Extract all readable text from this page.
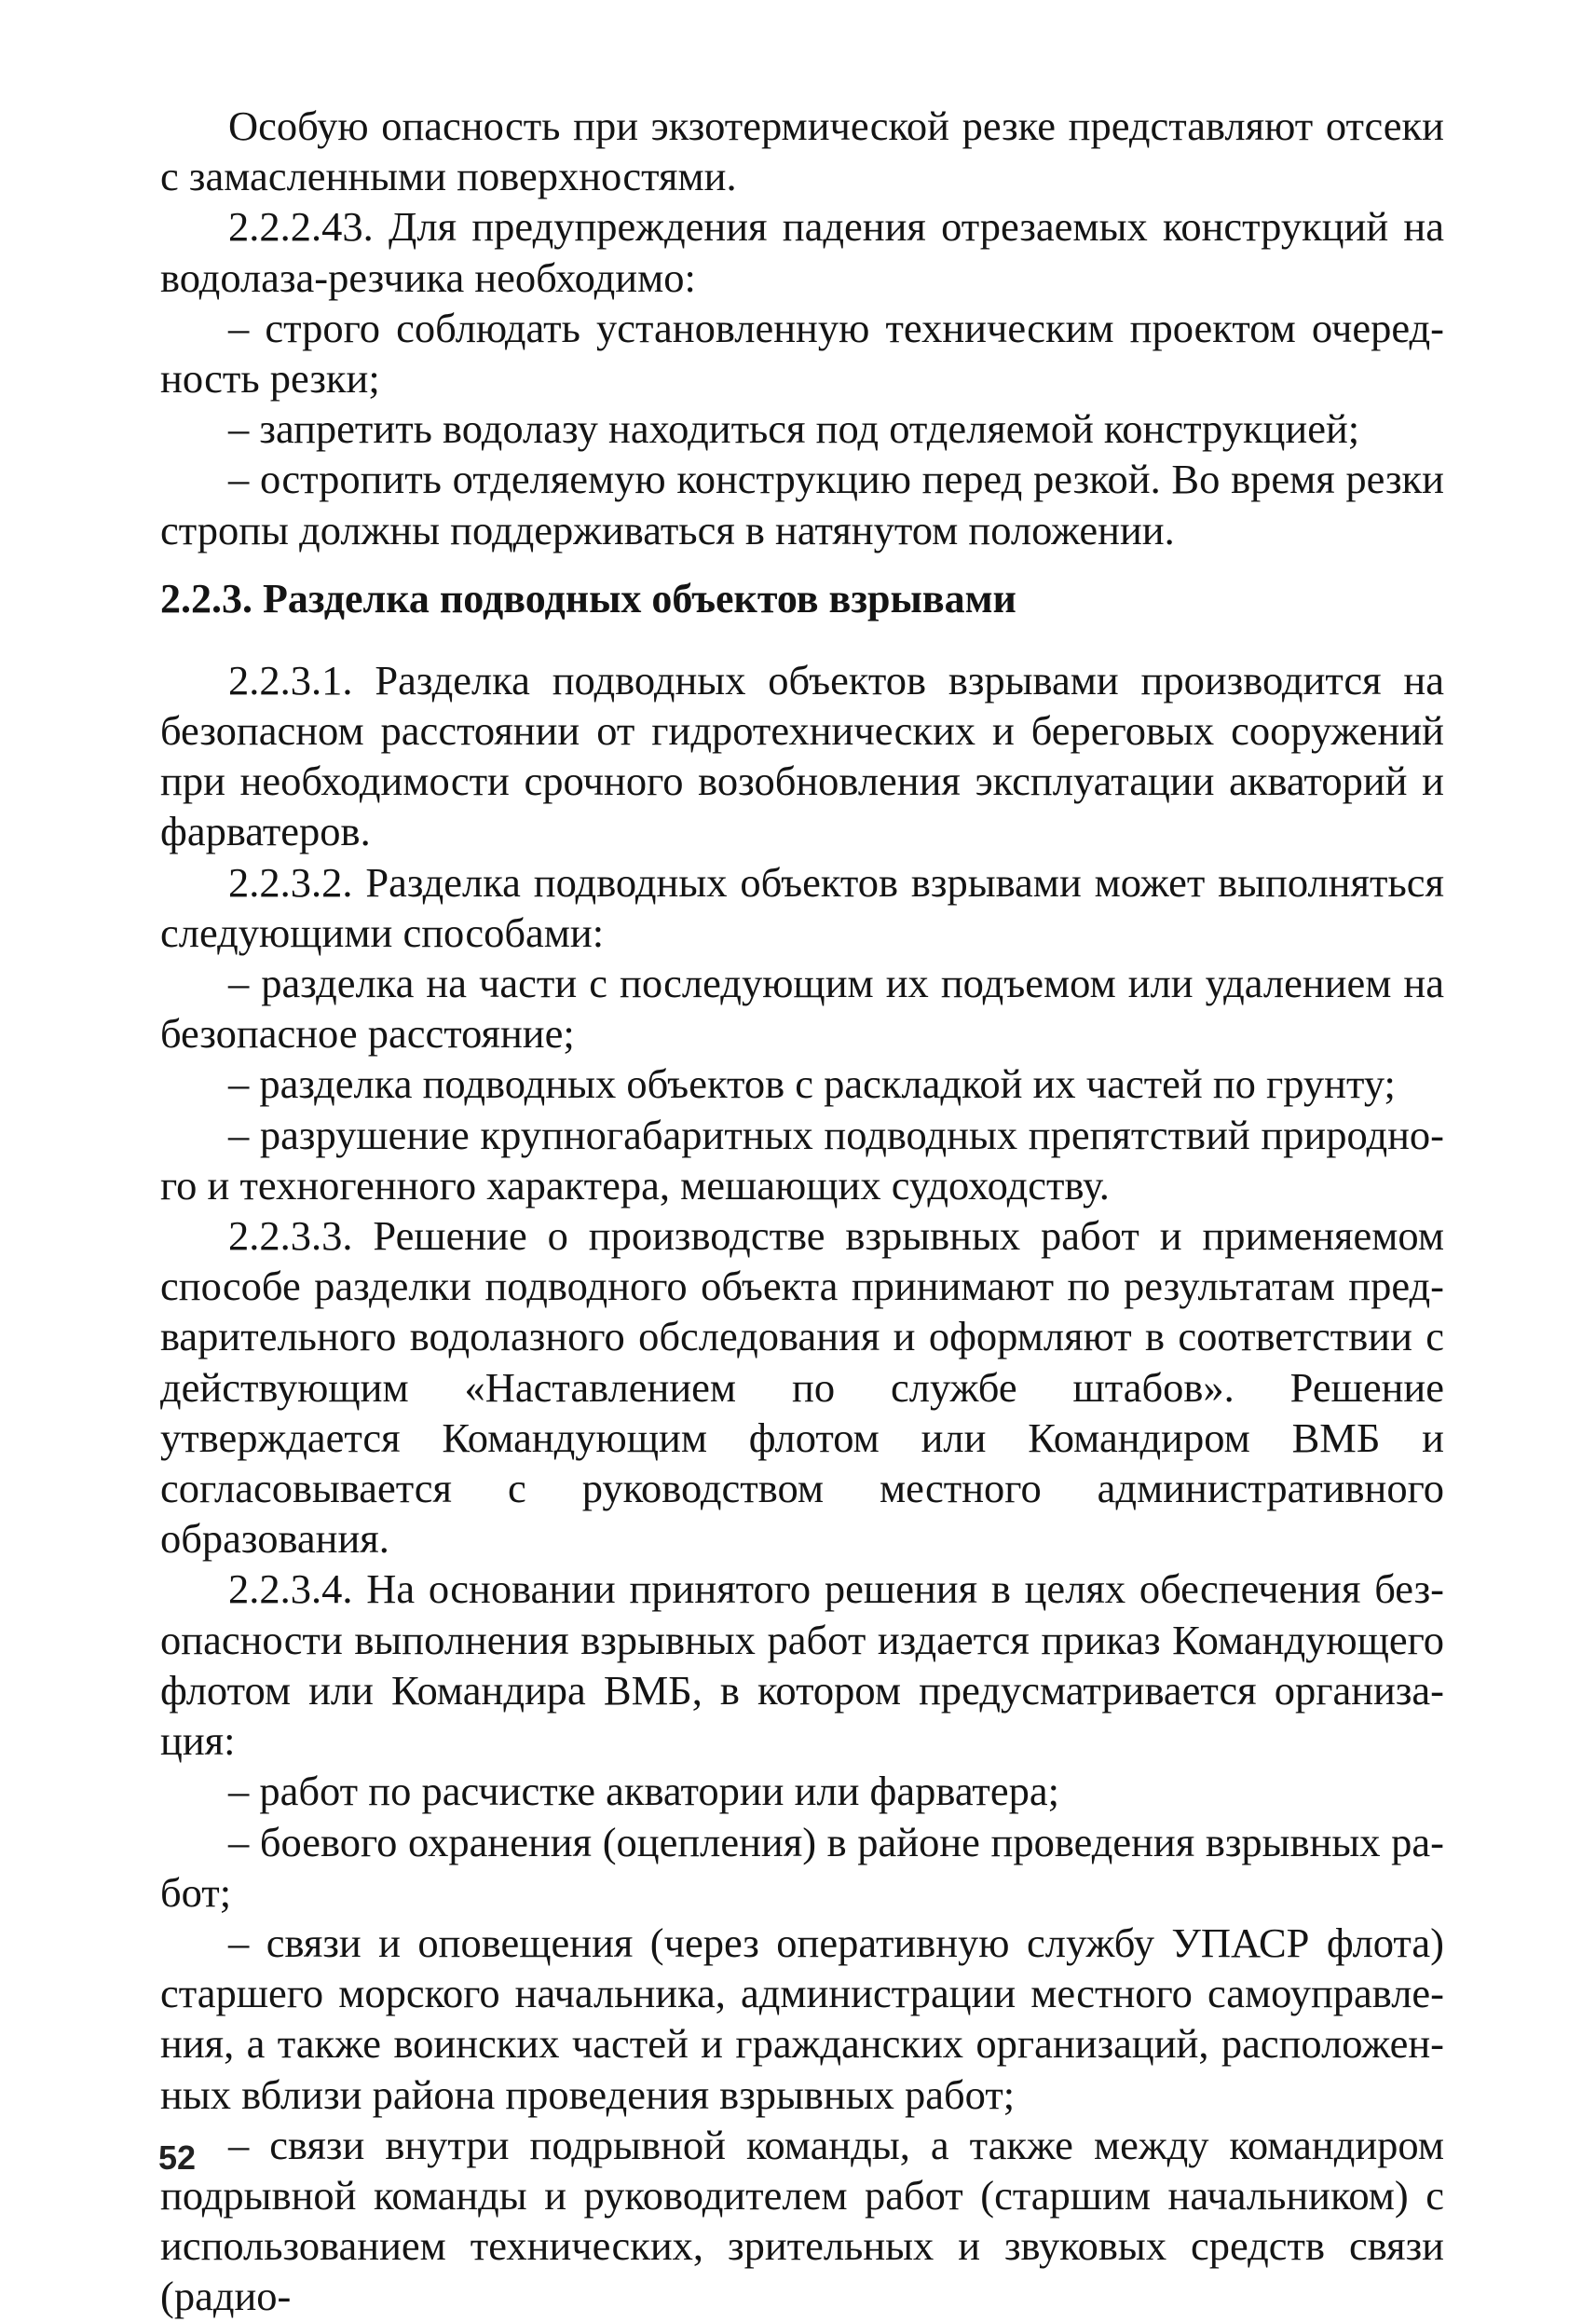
Особую опасность при экзотермической резке представляют отсеки с замасленными поверхностями.

2.2.2.43. Для предупреждения падения отрезаемых конструкций на водолаза-резчика необходимо:

– строго соблюдать установленную техническим проектом очередность резки;

– запретить водолазу находиться под отделяемой конструкцией;

– остропить отделяемую конструкцию перед резкой. Во время резки стропы должны поддерживаться в натянутом положении.

2.2.3. Разделка подводных объектов взрывами

2.2.3.1. Разделка подводных объектов взрывами производится на безопасном расстоянии от гидротехнических и береговых сооружений при необходимости срочного возобновления эксплуатации акваторий и фарватеров.

2.2.3.2. Разделка подводных объектов взрывами может выполняться следующими способами:

– разделка на части с последующим их подъемом или удалением на безопасное расстояние;

– разделка подводных объектов с раскладкой их частей по грунту;

– разрушение крупногабаритных подводных препятствий природного и техногенного характера, мешающих судоходству.

2.2.3.3. Решение о производстве взрывных работ и применяемом способе разделки подводного объекта принимают по результатам предварительного водолазного обследования и оформляют в соответствии с действующим «Наставлением по службе штабов». Решение утверждается Командующим флотом или Командиром ВМБ и согласовывается с руководством местного административного образования.

2.2.3.4. На основании принятого решения в целях обеспечения безопасности выполнения взрывных работ издается приказ Командующего флотом или Командира ВМБ, в котором предусматривается организация:

– работ по расчистке акватории или фарватера;

– боевого охранения (оцепления) в районе проведения взрывных работ;

– связи и оповещения (через оперативную службу УПАСР флота) старшего морского начальника, администрации местного самоуправления, а также воинских частей и гражданских организаций, расположенных вблизи района проведения взрывных работ;

– связи внутри подрывной команды, а также между командиром подрывной команды и руководителем работ (старшим начальником) с использованием технических, зрительных и звуковых средств связи (радио-

52
